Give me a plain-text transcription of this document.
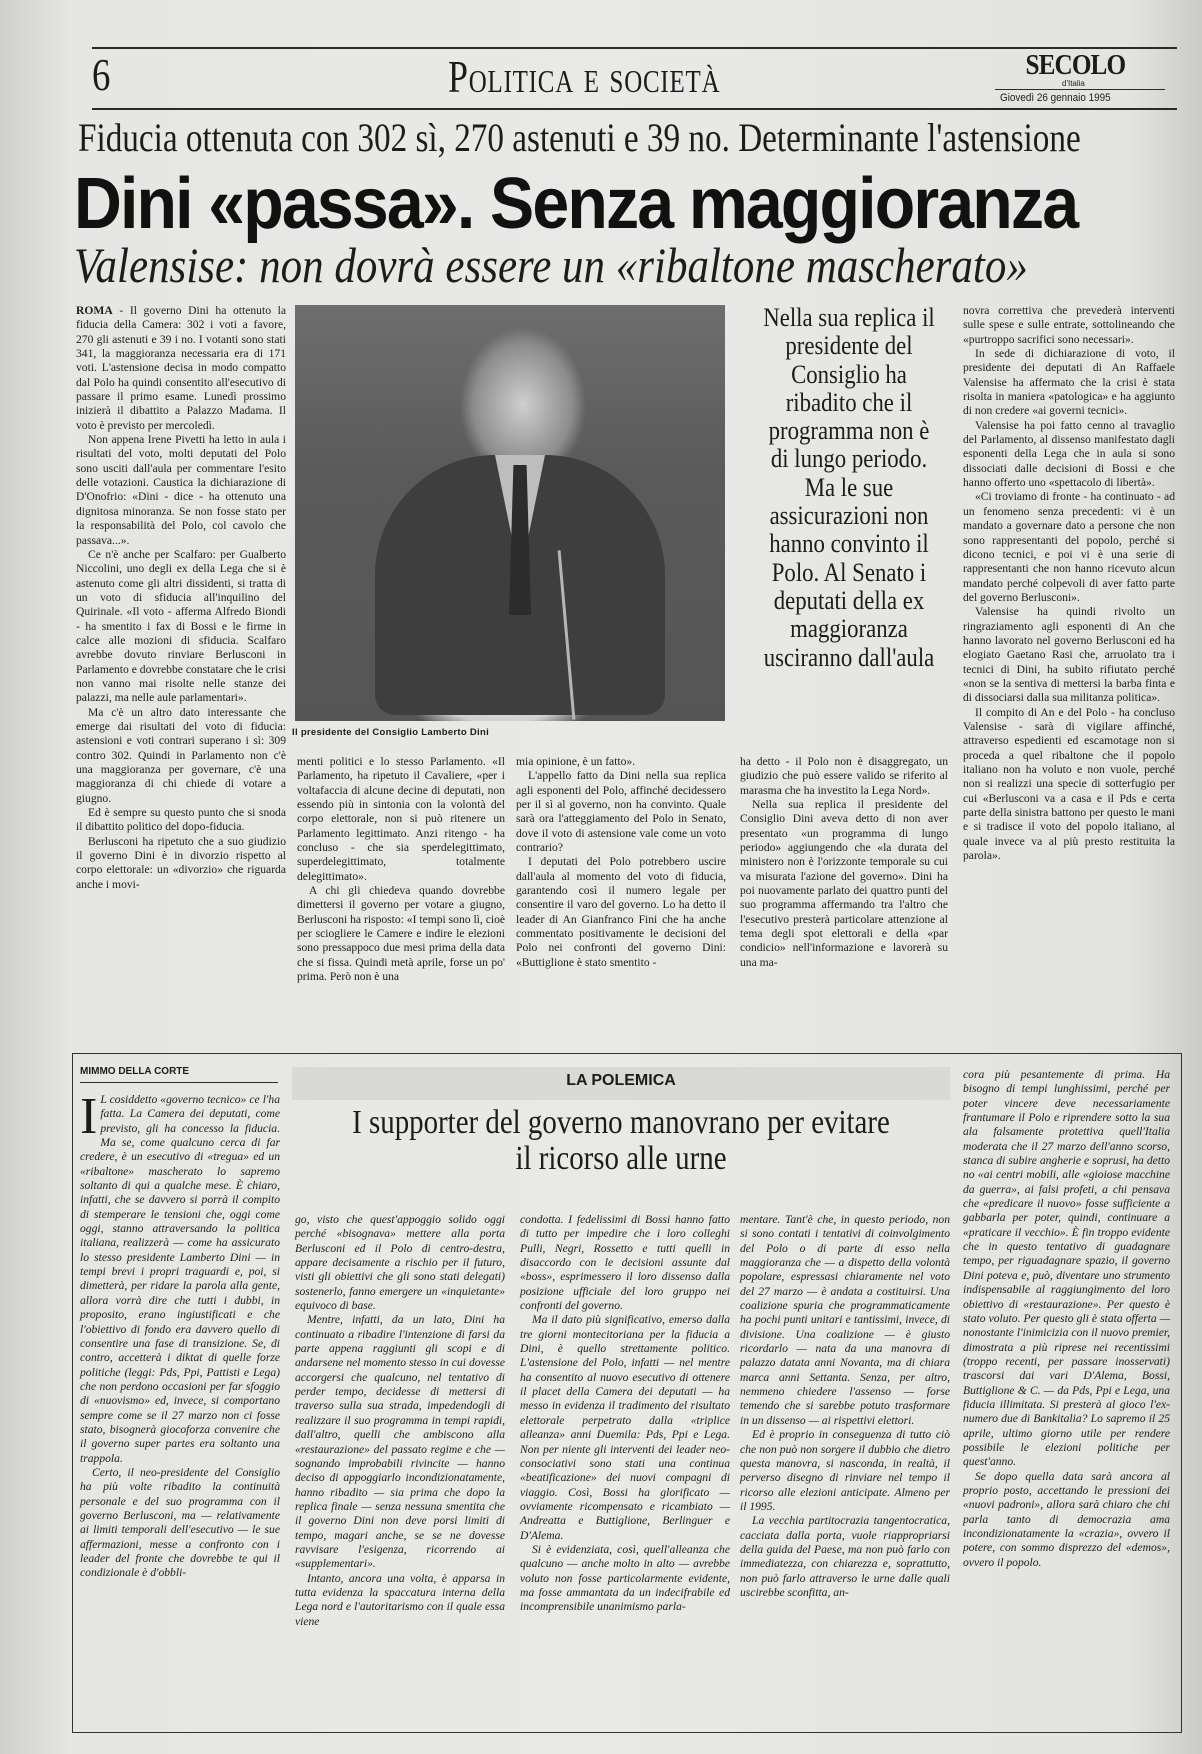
6	Politica e società	SECOLO
d'Italia
Giovedì 26 gennaio 1995
Fiducia ottenuta con 302 sì, 270 astenuti e 39 no. Determinante l'astensione
Dini «passa». Senza maggioranza
Valensise: non dovrà essere un «ribaltone mascherato»

ROMA - Il governo Dini ha ottenuto la fiducia della Camera: 302 i voti a favore, 270 gli astenuti e 39 i no. I votanti sono stati 341, la maggioranza necessaria era di 171 voti. L'astensione decisa in modo compatto dal Polo ha quindi consentito all'esecutivo di passare il primo esame. Lunedì prossimo inizierà il dibattito a Palazzo Madama. Il voto è previsto per mercoledì.

Non appena Irene Pivetti ha letto in aula i risultati del voto, molti deputati del Polo sono usciti dall'aula per commentare l'esito delle votazioni. Caustica la dichiarazione di D'Onofrio: «Dini - dice - ha ottenuto una dignitosa minoranza. Se non fosse stato per la responsabilità del Polo, col cavolo che passava...».

Ce n'è anche per Scalfaro: per Gualberto Niccolini, uno degli ex della Lega che si è astenuto come gli altri dissidenti, si tratta di un voto di sfiducia all'inquilino del Quirinale. «Il voto - afferma Alfredo Biondi - ha smentito i fax di Bossi e le firme in calce alle mozioni di sfiducia. Scalfaro avrebbe dovuto rinviare Berlusconi in Parlamento e dovrebbe constatare che le crisi non vanno mai risolte nelle stanze dei palazzi, ma nelle aule parlamentari».

Ma c'è un altro dato interessante che emerge dai risultati del voto di fiducia: astensioni e voti contrari superano i sì: 309 contro 302. Quindi in Parlamento non c'è una maggioranza per governare, c'è una maggioranza di chi chiede di votare a giugno.

Ed è sempre su questo punto che si snoda il dibattito politico del dopo-fiducia.

Berlusconi ha ripetuto che a suo giudizio il governo Dini è in divorzio rispetto al corpo elettorale: un «divorzio» che riguarda anche i movi-

Il presidente del Consiglio Lamberto Dini
Nella sua replica il presidente del Consiglio ha ribadito che il programma non è di lungo periodo. Ma le sue assicurazioni non hanno convinto il Polo. Al Senato i deputati della ex maggioranza usciranno dall'aula

menti politici e lo stesso Parlamento. «Il Parlamento, ha ripetuto il Cavaliere, «per i voltafaccia di alcune decine di deputati, non essendo più in sintonia con la volontà del corpo elettorale, non si può ritenere un Parlamento legittimato. Anzi ritengo - ha concluso - che sia sperdelegittimato, superdelegittimato, totalmente delegittimato».

A chi gli chiedeva quando dovrebbe dimettersi il governo per votare a giugno, Berlusconi ha risposto: «I tempi sono lì, cioè per sciogliere le Camere e indire le elezioni sono pressappoco due mesi prima della data che si fissa. Quindi metà aprile, forse un po' prima. Però non è una

mia opinione, è un fatto».

L'appello fatto da Dini nella sua replica agli esponenti del Polo, affinché decidessero per il sì al governo, non ha convinto. Quale sarà ora l'atteggiamento del Polo in Senato, dove il voto di astensione vale come un voto contrario?

I deputati del Polo potrebbero uscire dall'aula al momento del voto di fiducia, garantendo così il numero legale per consentire il varo del governo. Lo ha detto il leader di An Gianfranco Fini che ha anche commentato positivamente le decisioni del Polo nei confronti del governo Dini: «Buttiglione è stato smentito -

ha detto - il Polo non è disaggregato, un giudizio che può essere valido se riferito al marasma che ha investito la Lega Nord».

Nella sua replica il presidente del Consiglio Dini aveva detto di non aver presentato «un programma di lungo periodo» aggiungendo che «la durata del ministero non è l'orizzonte temporale su cui va misurata l'azione del governo». Dini ha poi nuovamente parlato dei quattro punti del suo programma affermando tra l'altro che l'esecutivo presterà particolare attenzione al tema degli spot elettorali e della «par condicio» nell'informazione e lavorerà su una ma-

novra correttiva che prevederà interventi sulle spese e sulle entrate, sottolineando che «purtroppo sacrifici sono necessari».

In sede di dichiarazione di voto, il presidente dei deputati di An Raffaele Valensise ha affermato che la crisi è stata risolta in maniera «patologica» e ha aggiunto di non credere «ai governi tecnici».

Valensise ha poi fatto cenno al travaglio del Parlamento, al dissenso manifestato dagli esponenti della Lega che in aula si sono dissociati dalle decisioni di Bossi e che hanno offerto uno «spettacolo di libertà».

«Ci troviamo di fronte - ha continuato - ad un fenomeno senza precedenti: vi è un mandato a governare dato a persone che non sono rappresentanti del popolo, perché si dicono tecnici, e poi vi è una serie di rappresentanti che non hanno ricevuto alcun mandato perché colpevoli di aver fatto parte del governo Berlusconi».

Valensise ha quindi rivolto un ringraziamento agli esponenti di An che hanno lavorato nel governo Berlusconi ed ha elogiato Gaetano Rasi che, arruolato tra i tecnici di Dini, ha subito rifiutato perché «non se la sentiva di mettersi la barba finta e di dissociarsi dalla sua militanza politica».

Il compito di An e del Polo - ha concluso Valensise - sarà di vigilare affinché, attraverso espedienti ed escamotage non si proceda a quel ribaltone che il popolo italiano non ha voluto e non vuole, perché non si realizzi una specie di sotterfugio per cui «Berlusconi va a casa e il Pds e certa parte della sinistra battono per questo le mani e si tradisce il voto del popolo italiano, al quale invece va al più presto restituita la parola».

MIMMO DELLA CORTE
LA POLEMICA
I supporter del governo manovrano per evitare il ricorso alle urne

I L cosiddetto «governo tecnico» ce l'ha fatta. La Camera dei deputati, come previsto, gli ha concesso la fiducia. Ma se, come qualcuno cerca di far credere, è un esecutivo di «tregua» ed un «ribaltone» mascherato lo sapremo soltanto di qui a qualche mese. È chiaro, infatti, che se davvero si porrà il compito di stemperare le tensioni che, oggi come oggi, stanno attraversando la politica italiana, realizzerà — come ha assicurato lo stesso presidente Lamberto Dini — in tempi brevi i propri traguardi e, poi, si dimetterà, per ridare la parola alla gente, allora vorrà dire che tutti i dubbi, in proposito, erano ingiustificati e che l'obiettivo di fondo era davvero quello di consentire una fase di transizione. Se, di contro, accetterà i diktat di quelle forze politiche (leggi: Pds, Ppi, Pattisti e Lega) che non perdono occasioni per far sfoggio di «nuovismo» ed, invece, si comportano sempre come se il 27 marzo non ci fosse stato, bisognerà giocoforza convenire che il governo super partes era soltanto una trappola.

Certo, il neo-presidente del Consiglio ha più volte ribadito la continuità personale e del suo programma con il governo Berlusconi, ma — relativamente ai limiti temporali dell'esecutivo — le sue affermazioni, messe a confronto con i leader del fronte che dovrebbe te qui il condizionale è d'obbli-

go, visto che quest'appoggio solido oggi perché «bisognava» mettere alla porta Berlusconi ed il Polo di centro-destra, appare decisamente a rischio per il futuro, visti gli obiettivi che gli sono stati delegati) sostenerlo, fanno emergere un «inquietante» equivoco di base.

Mentre, infatti, da un lato, Dini ha continuato a ribadire l'intenzione di farsi da parte appena raggiunti gli scopi e di andarsene nel momento stesso in cui dovesse accorgersi che qualcuno, nel tentativo di perder tempo, decidesse di mettersi di traverso sulla sua strada, impedendogli di realizzare il suo programma in tempi rapidi, dall'altro, quelli che ambiscono alla «restaurazione» del passato regime e che — sognando improbabili rivincite — hanno deciso di appoggiarlo incondizionatamente, hanno ribadito — sia prima che dopo la replica finale — senza nessuna smentita che il governo Dini non deve porsi limiti di tempo, magari anche, se se ne dovesse ravvisare l'esigenza, ricorrendo ai «supplementari».

Intanto, ancora una volta, è apparsa in tutta evidenza la spaccatura interna della Lega nord e l'autoritarismo con il quale essa viene

condotta. I fedelissimi di Bossi hanno fatto di tutto per impedire che i loro colleghi Pulli, Negri, Rossetto e tutti quelli in disaccordo con le decisioni assunte dal «boss», esprimessero il loro dissenso dalla posizione ufficiale del loro gruppo nei confronti del governo.

Ma il dato più significativo, emerso dalla tre giorni montecitoriana per la fiducia a Dini, è quello strettamente politico. L'astensione del Polo, infatti — nel mentre ha consentito al nuovo esecutivo di ottenere il placet della Camera dei deputati — ha messo in evidenza il tradimento del risultato elettorale perpetrato dalla «triplice alleanza» anni Duemila: Pds, Ppi e Lega. Non per niente gli interventi dei leader neo-consociativi sono stati una continua «beatificazione» dei nuovi compagni di viaggio. Così, Bossi ha glorificato — ovviamente ricompensato e ricambiato — Andreatta e Buttiglione, Berlinguer e D'Alema.

Si è evidenziata, così, quell'alleanza che qualcuno — anche molto in alto — avrebbe voluto non fosse particolarmente evidente, ma fosse ammantata da un indecifrabile ed incomprensibile unanimismo parla-

mentare. Tant'è che, in questo periodo, non si sono contati i tentativi di coinvolgimento del Polo o di parte di esso nella maggioranza che — a dispetto della volontà popolare, espressasi chiaramente nel voto del 27 marzo — è andata a costituirsi. Una coalizione spuria che programmaticamente ha pochi punti unitari e tantissimi, invece, di divisione. Una coalizione — è giusto ricordarlo — nata da una manovra di palazzo datata anni Novanta, ma di chiara marca anni Settanta. Senza, per altro, nemmeno chiedere l'assenso — forse temendo che si sarebbe potuto trasformare in un dissenso — ai rispettivi elettori.

Ed è proprio in conseguenza di tutto ciò che non può non sorgere il dubbio che dietro questa manovra, si nasconda, in realtà, il perverso disegno di rinviare nel tempo il ricorso alle elezioni anticipate. Almeno per il 1995.

La vecchia partitocrazia tangentocratica, cacciata dalla porta, vuole riappropriarsi della guida del Paese, ma non può farlo con immediatezza, con chiarezza e, soprattutto, non può farlo attraverso le urne dalle quali uscirebbe sconfitta, an-

cora più pesantemente di prima. Ha bisogno di tempi lunghissimi, perché per poter vincere deve necessariamente frantumare il Polo e riprendere sotto la sua ala falsamente protettiva quell'Italia moderata che il 27 marzo dell'anno scorso, stanca di subire angherie e soprusi, ha detto no «ai centri mobili, alle «gioiose macchine da guerra», ai falsi profeti, a chi pensava che «predicare il nuovo» fosse sufficiente a gabbarla per poter, quindi, continuare a «praticare il vecchio». È fin troppo evidente che in questo tentativo di guadagnare tempo, per riguadagnare spazio, il governo Dini poteva e, può, diventare uno strumento indispensabile al raggiungimento del loro obiettivo di «restaurazione». Per questo è stato voluto. Per questo gli è stata offerta — nonostante l'inimicizia con il nuovo premier, dimostrata a più riprese nei recentissimi (troppo recenti, per passare inosservati) trascorsi dai vari D'Alema, Bossi, Buttiglione & C. — da Pds, Ppi e Lega, una fiducia illimitata. Si presterà al gioco l'ex-numero due di Bankitalia? Lo sapremo il 25 aprile, ultimo giorno utile per rendere possibile le elezioni politiche per quest'anno.

Se dopo quella data sarà ancora al proprio posto, accettando le pressioni dei «nuovi padroni», allora sarà chiaro che chi parla tanto di democrazia ama incondizionatamente la «crazia», ovvero il potere, con sommo disprezzo del «demos», ovvero il popolo.
